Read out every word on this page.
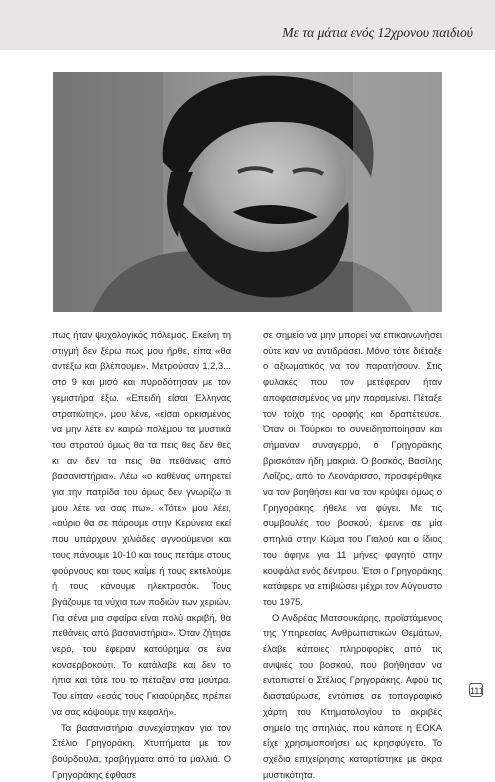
Με τα μάτια ενός 12χρονου παιδιού

πως ήταν ψυχολογικός πόλεμος. Εκείνη τη στιγμή δεν ξέρω πως μου ήρθε, είπα «θα αντέξω και βλέπουμε». Μετρούσαν 1,2,3... στο 9 και μισό και πυροδότησαν με τον γεμιστήρα έξω. «Επειδή είσαι Έλληνας στρατιώτης», μου λένε, «είσαι ορκισμένος να μην λέτε εν καιρώ πολέμου τα μυστικά του στρατού όμως θα τα πεις θες δεν θες κι αν δεν τα πεις θα πεθάνεις από βασανιστήρια». Λέω «ο καθένας υπηρετεί για την πατρίδα του όμως δεν γνωρίζω τι μου λέτε να σας πω». «Τότε» μου λέει, «αύριο θα σε πάρουμε στην Κερύνεια εκεί που υπάρχουν χιλιάδες αγνοούμενοι και τους πάνουμε 10-10 και τους πετάμε στους φούρνους και τους καίμε ή τους εκτελούμε ή τους κάνουμε ηλεκτροσόκ. Τους βγάζουμε τα νύχια των ποδιών των χεριών. Για σένα μια σφαίρα είναι πολύ ακριβή, θα πεθάνεις από βασανιστήρια». Όταν ζήτησε νερό, του έφεραν κατούρημα σε ένα κονσερβοκούτι. Το κατάλαβε και δεν το ήπια και τότε του το πέταξαν στα μούτρα. Του είπαν «εσάς τους Γκιαούρηδες πρέπει να σας κόψουμε την κεφαλή».

Τα βασανιστήρια συνεχίστηκαν για τον Στέλιο Γρηγοράκη. Χτυπήματα με τον βούρδουλα, τραβήγματα από τα μαλλιά. Ο Γρηγοράκης έφθασε

σε σημείο να μην μπορεί να επικοινωνήσει ούτε καν να αντιδράσει. Μόνο τότε διέταξε ο αξιωματικός να τον παρατήσουν. Στις φυλακές που τον μετέφεραν ήταν αποφασισμένος να μην παραμείνει. Πέταξε τον τοίχο της οροφής και δραπέτευσε. Όταν οι Τούρκοι το συνειδητοποίησαν και σήμαναν συναγερμό, ο Γρηγοράκης βρισκόταν ήδη μακριά. Ο βοσκός, Βασίλης Λοΐζος, από το Λεονάρισσο, προσφέρθηκε να τον βοηθήσει και να τον κρύψει όμως ο Γρηγοράκης ήθελε να φύγει. Με τις συμβουλές του βοσκού, έμεινε σε μία σπηλιά στην Κώμα του Γιαλού και ο ίδιος του άφηνε για 11 μήνες φαγητό στην κουφάλα ενός δέντρου. Έτσι ο Γρηγοράκης κατάφερε να επιβιώσει μέχρι τον Αύγουστο του 1975.

Ο Ανδρέας Ματσουκάρης, προϊστάμενος της Υπηρεσίας Ανθρωπιστικών Θεμάτων, έλαβε κάποιες πληροφορίες από τις ανιψιές του βοσκού, που βοήθησαν να εντοπιστεί ο Στέλιος Γρηγοράκης. Αφού τις διασταύρωσε, εντόπισε σε τοπογραφικό χάρτη του Κτηματολογίου το ακριβές σημείο της σπηλιάς, που κάποτε η ΕΟΚΑ είχε χρησιμοποιήσει ως κρησφύγετο. Το σχέδιο επιχείρησης καταρτίστηκε με άκρα μυστικότητα.

111
